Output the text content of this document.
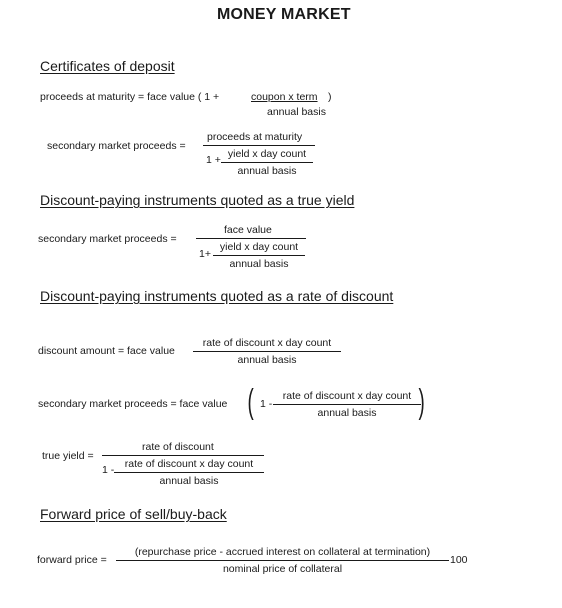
MONEY MARKET
Certificates of deposit
proceeds at maturity = face value ( 1 +	coupon x term )
annual basis
secondary market proceeds =
proceeds at maturity
1 + yield x day count
annual basis
Discount-paying instruments quoted as a true yield
secondary market proceeds =
face value
1+
yield x day count
annual basis
Discount-paying instruments quoted as a rate of discount
discount amount = face value
rate of discount x day count
annual basis
secondary market proceeds = face value ( 1 -
rate of discount x day count
annual basis	)
true yield =
rate of discount
1 -	rate of discount x day count
annual basis
Forward price of sell/buy-back
forward price =
(repurchase price - accrued interest on collateral at termination)
nominal price of collateral
100
